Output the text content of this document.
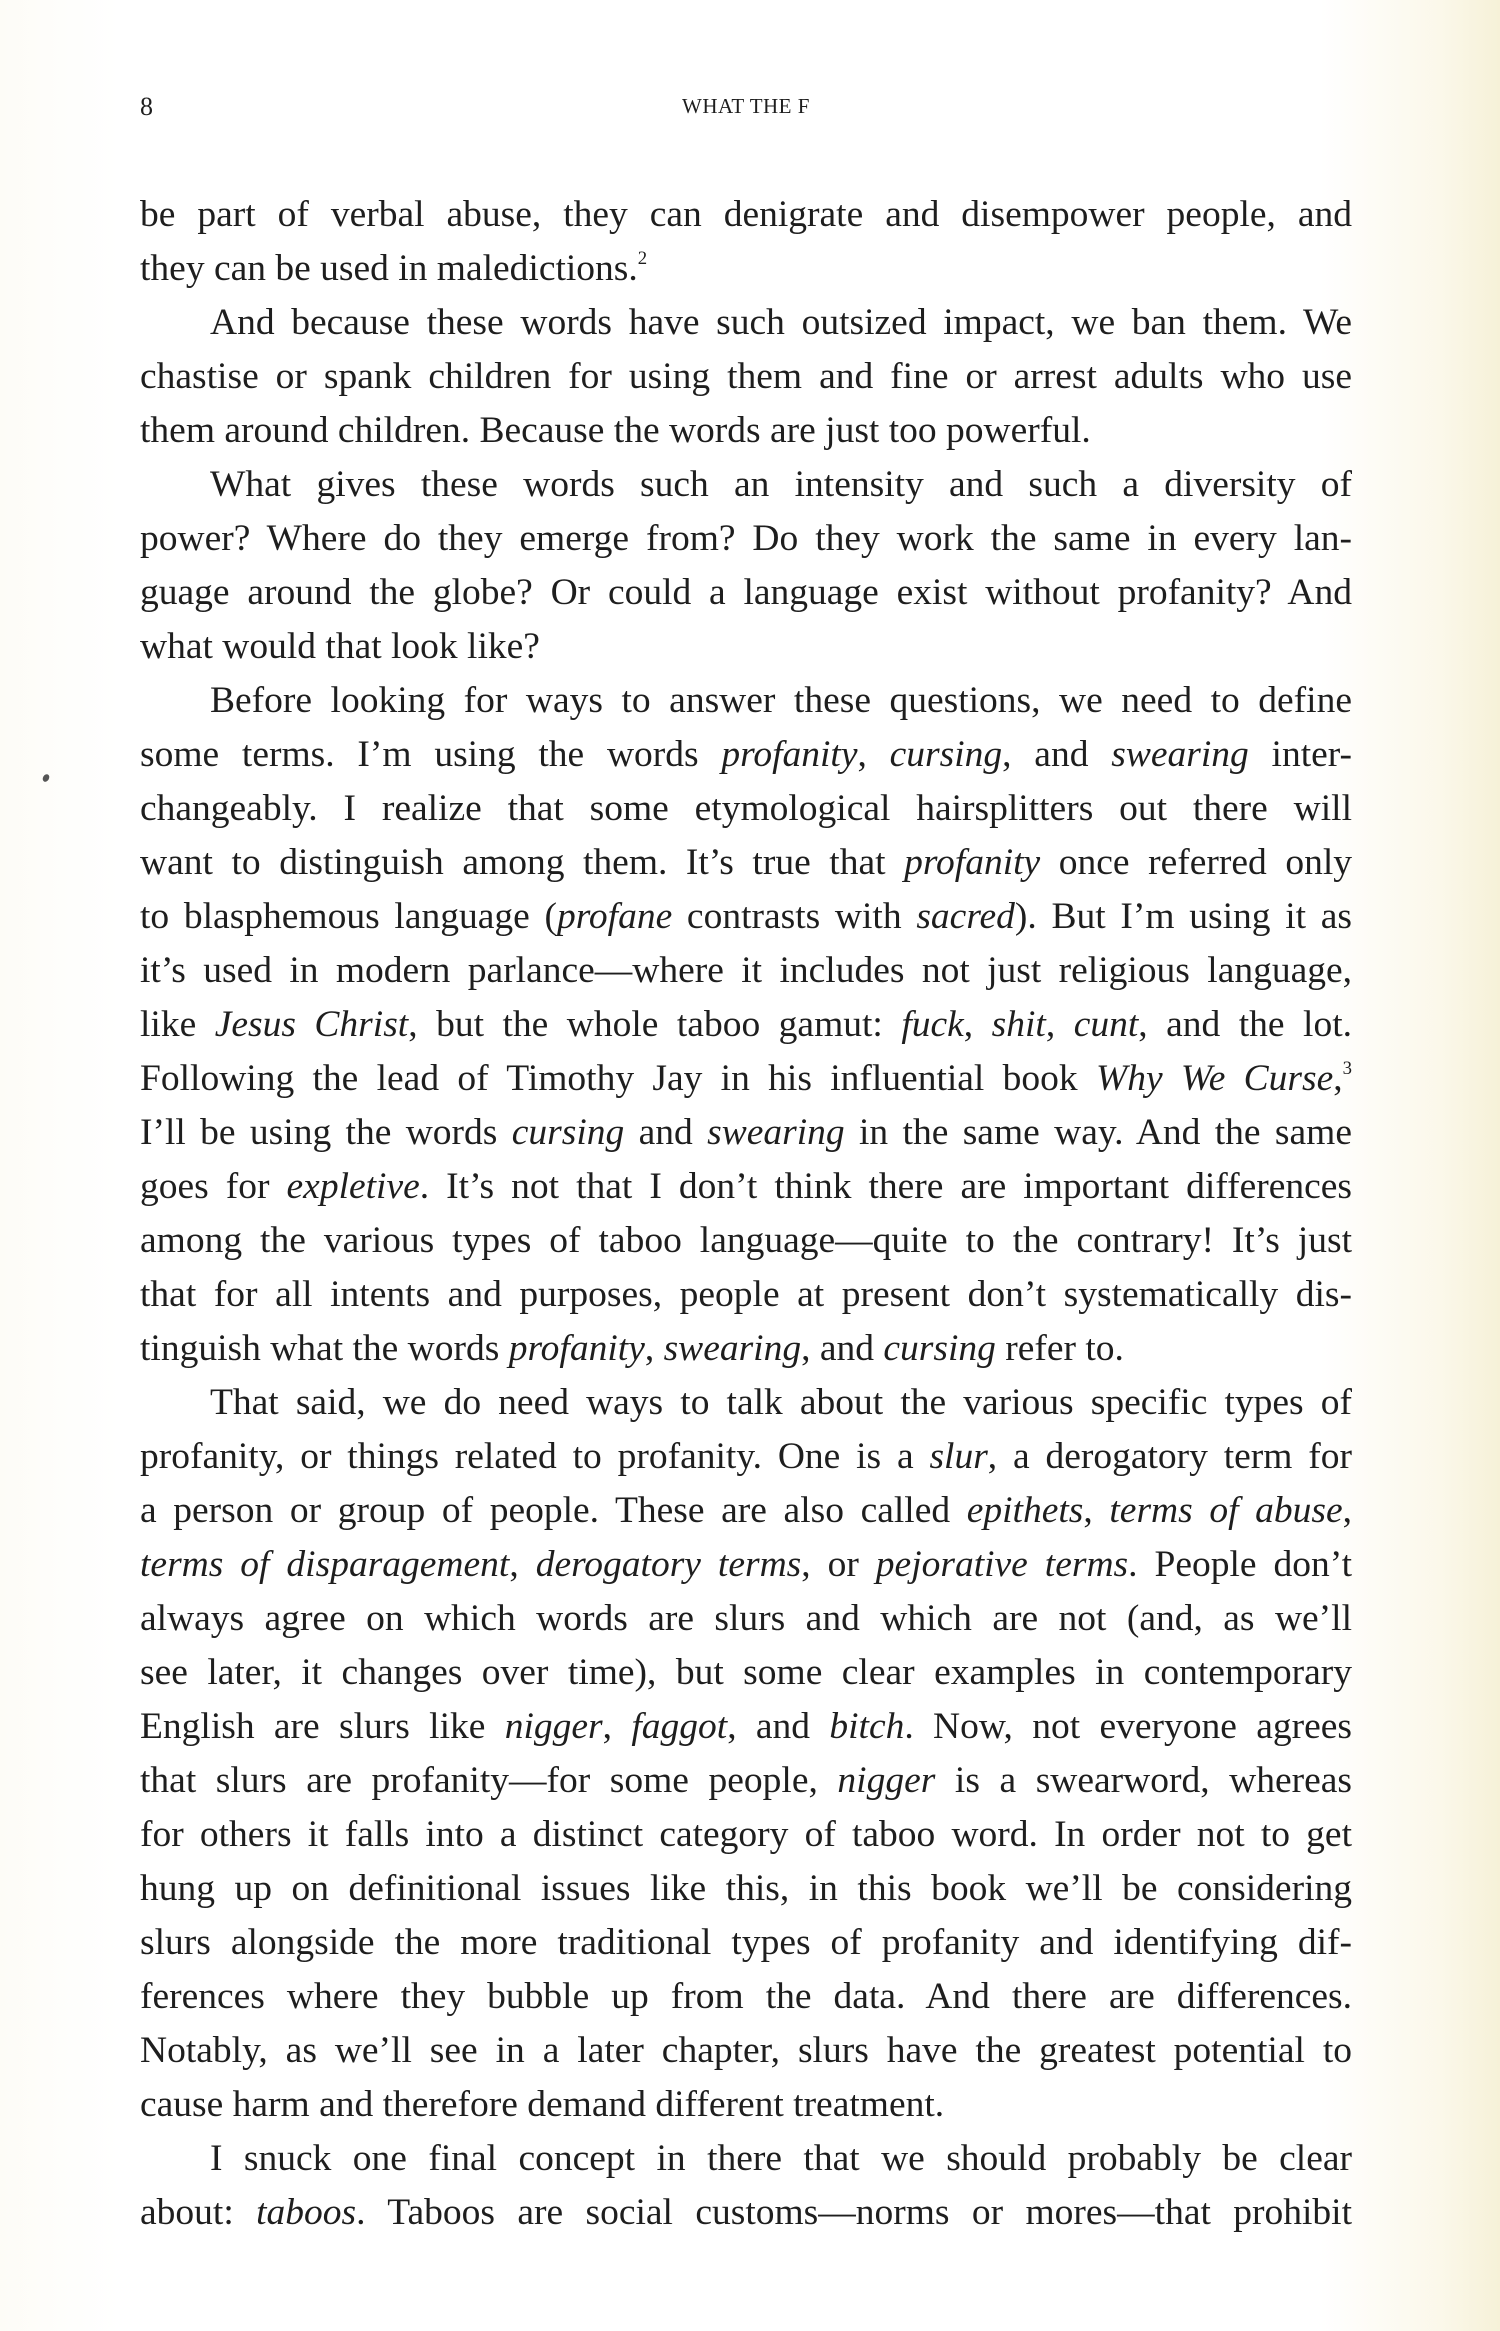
8	WHAT THE F
be part of verbal abuse, they can denigrate and disempower people, and
they can be used in maledictions.$^2$
And because these words have such outsized impact, we ban them. We
chastise or spank children for using them and fine or arrest adults who use
them around children. Because the words are just too powerful.
What gives these words such an intensity and such a diversity of
power? Where do they emerge from? Do they work the same in every lan-
guage around the globe? Or could a language exist without profanity? And
what would that look like?
Before looking for ways to answer these questions, we need to define
some terms. I’m using the words profanity, cursing, and swearing inter-
changeably. I realize that some etymological hairsplitters out there will
want to distinguish among them. It’s true that profanity once referred only
to blasphemous language (profane contrasts with sacred). But I’m using it as
it’s used in modern parlance—where it includes not just religious language,
like Jesus Christ, but the whole taboo gamut: fuck, shit, cunt, and the lot.
Following the lead of Timothy Jay in his influential book Why We Curse,$^3$
I’ll be using the words cursing and swearing in the same way. And the same
goes for expletive. It’s not that I don’t think there are important differences
among the various types of taboo language—quite to the contrary! It’s just
that for all intents and purposes, people at present don’t systematically dis-
tinguish what the words profanity, swearing, and cursing refer to.
That said, we do need ways to talk about the various specific types of
profanity, or things related to profanity. One is a slur, a derogatory term for
a person or group of people. These are also called epithets, terms of abuse,
terms of disparagement, derogatory terms, or pejorative terms. People don’t
always agree on which words are slurs and which are not (and, as we’ll
see later, it changes over time), but some clear examples in contemporary
English are slurs like nigger, faggot, and bitch. Now, not everyone agrees
that slurs are profanity—for some people, nigger is a swearword, whereas
for others it falls into a distinct category of taboo word. In order not to get
hung up on definitional issues like this, in this book we’ll be considering
slurs alongside the more traditional types of profanity and identifying dif-
ferences where they bubble up from the data. And there are differences.
Notably, as we’ll see in a later chapter, slurs have the greatest potential to
cause harm and therefore demand different treatment.
I snuck one final concept in there that we should probably be clear
about: taboos. Taboos are social customs—norms or mores—that prohibit
